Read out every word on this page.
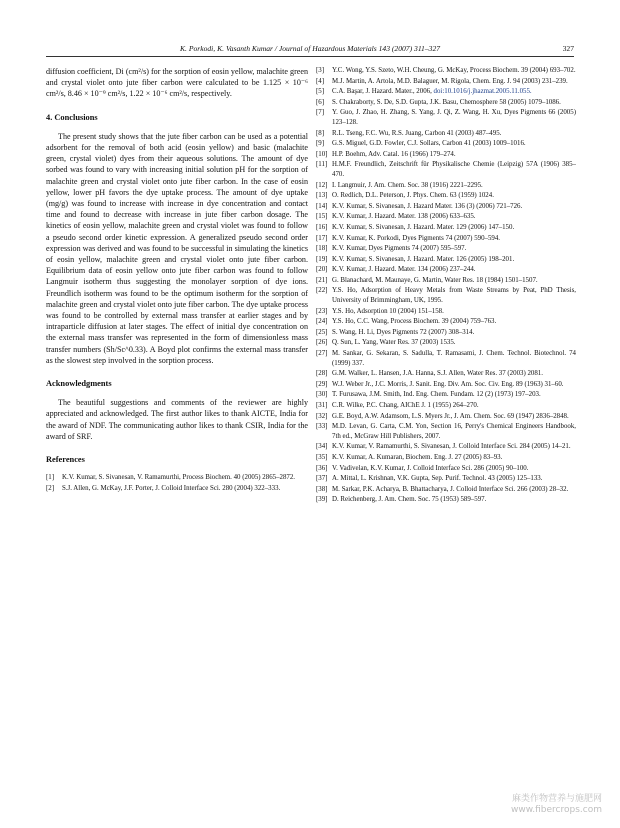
K. Porkodi, K. Vasanth Kumar / Journal of Hazardous Materials 143 (2007) 311–327	327

diffusion coefficient, Di (cm²/s) for the sorption of eosin yellow, malachite green and crystal violet onto jute fiber carbon were calculated to be 1.125 × 10⁻⁶ cm²/s, 8.46 × 10⁻⁹ cm²/s, 1.22 × 10⁻⁶ cm²/s, respectively.

4. Conclusions

The present study shows that the jute fiber carbon can be used as a potential adsorbent for the removal of both acid (eosin yellow) and basic (malachite green, crystal violet) dyes from their aqueous solutions. The amount of dye sorbed was found to vary with increasing initial solution pH for the sorption of malachite green and crystal violet onto jute fiber carbon. In the case of eosin yellow, lower pH favors the dye uptake process. The amount of dye uptake (mg/g) was found to increase with increase in dye concentration and contact time and found to decrease with increase in jute fiber carbon dosage. The kinetics of eosin yellow, malachite green and crystal violet was found to follow a pseudo second order kinetic expression. A generalized pseudo second order expression was derived and was found to be successful in simulating the kinetics of eosin yellow, malachite green and crystal violet onto jute fiber carbon. Equilibrium data of eosin yellow onto jute fiber carbon was found to follow Langmuir isotherm thus suggesting the monolayer sorption of dye ions. Freundlich isotherm was found to be the optimum isotherm for the sorption of malachite green and crystal violet onto jute fiber carbon. The dye uptake process was found to be controlled by external mass transfer at earlier stages and by intraparticle diffusion at later stages. The effect of initial dye concentration on the external mass transfer was represented in the form of dimensionless mass transfer numbers (Sh/Sc^0.33). A Boyd plot confirms the external mass transfer as the slowest step involved in the sorption process.

Acknowledgments

The beautiful suggestions and comments of the reviewer are highly appreciated and acknowledged. The first author likes to thank AICTE, India for the award of NDF. The communicating author likes to thank CSIR, India for the award of SRF.

References
[1]	K.V. Kumar, S. Sivanesan, V. Ramamurthi, Process Biochem. 40 (2005) 2865–2872.
[2]	S.J. Allen, G. McKay, J.F. Porter, J. Colloid Interface Sci. 280 (2004) 322–333.
[3]	Y.C. Wong, Y.S. Szeto, W.H. Cheung, G. McKay, Process Biochem. 39 (2004) 693–702.
[4]	M.J. Martin, A. Artola, M.D. Balaguer, M. Rigola, Chem. Eng. J. 94 (2003) 231–239.
[5]	C.A. Başar, J. Hazard. Mater., 2006, doi:10.1016/j.jhazmat.2005.11.055.
[6]	S. Chakraborty, S. De, S.D. Gupta, J.K. Basu, Chemosphere 58 (2005) 1079–1086.
[7]	Y. Guo, J. Zhao, H. Zhang, S. Yang, J. Qi, Z. Wang, H. Xu, Dyes Pigments 66 (2005) 123–128.
[8]	R.L. Tseng, F.C. Wu, R.S. Juang, Carbon 41 (2003) 487–495.
[9]	G.S. Miguel, G.D. Fowler, C.J. Sollars, Carbon 41 (2003) 1009–1016.
[10] H.P. Boehm, Adv. Catal. 16 (1966) 179–274.
[11] H.M.F. Freundlich, Zeitschrift für Physikalische Chemie (Leipzig) 57A (1906) 385–470.
[12] I. Langmuir, J. Am. Chem. Soc. 38 (1916) 2221–2295.
[13] O. Redlich, D.L. Peterson, J. Phys. Chem. 63 (1959) 1024.
[14] K.V. Kumar, S. Sivanesan, J. Hazard Mater. 136 (3) (2006) 721–726.
[15] K.V. Kumar, J. Hazard. Mater. 138 (2006) 633–635.
[16] K.V. Kumar, S. Sivanesan, J. Hazard. Mater. 129 (2006) 147–150.
[17] K.V. Kumar, K. Porkodi, Dyes Pigments 74 (2007) 590–594.
[18] K.V. Kumar, Dyes Pigments 74 (2007) 595–597.
[19] K.V. Kumar, S. Sivanesan, J. Hazard. Mater. 126 (2005) 198–201.
[20] K.V. Kumar, J. Hazard. Mater. 134 (2006) 237–244.
[21] G. Blanachard, M. Maunaye, G. Martin, Water Res. 18 (1984) 1501–1507.
[22] Y.S. Ho, Adsorption of Heavy Metals from Waste Streams by Peat, PhD Thesis, University of Brimmingham, UK, 1995.
[23] Y.S. Ho, Adsorption 10 (2004) 151–158.
[24] Y.S. Ho, C.C. Wang, Process Biochem. 39 (2004) 759–763.
[25] S. Wang, H. Li, Dyes Pigments 72 (2007) 308–314.
[26] Q. Sun, L. Yang, Water Res. 37 (2003) 1535.
[27] M. Sankar, G. Sekaran, S. Sadulla, T. Ramasami, J. Chem. Technol. Biotechnol. 74 (1999) 337.
[28] G.M. Walker, L. Hansen, J.A. Hanna, S.J. Allen, Water Res. 37 (2003) 2081.
[29] W.J. Weber Jr., J.C. Morris, J. Sanit. Eng. Div. Am. Soc. Civ. Eng. 89 (1963) 31–60.
[30] T. Furusawa, J.M. Smith, Ind. Eng. Chem. Fundam. 12 (2) (1973) 197–203.
[31] C.R. Wilke, P.C. Chang, AIChE J. 1 (1955) 264–270.
[32] G.E. Boyd, A.W. Adamsom, L.S. Myers Jr., J. Am. Chem. Soc. 69 (1947) 2836–2848.
[33] M.D. Levan, G. Carta, C.M. Yon, Section 16, Perry's Chemical Engineers Handbook, 7th ed., McGraw Hill Publishers, 2007.
[34] K.V. Kumar, V. Ramamurthi, S. Sivanesan, J. Colloid Interface Sci. 284 (2005) 14–21.
[35] K.V. Kumar, A. Kumaran, Biochem. Eng. J. 27 (2005) 83–93.
[36] V. Vadivelan, K.V. Kumar, J. Colloid Interface Sci. 286 (2005) 90–100.
[37] A. Mittal, L. Krishnan, V.K. Gupta, Sep. Purif. Technol. 43 (2005) 125–133.
[38] M. Sarkar, P.K. Acharya, B. Bhattacharya, J. Colloid Interface Sci. 266 (2003) 28–32.
[39] D. Reichenberg, J. Am. Chem. Soc. 75 (1953) 589–597.
麻类作物营养与施肥网
www.fibercrops.com
